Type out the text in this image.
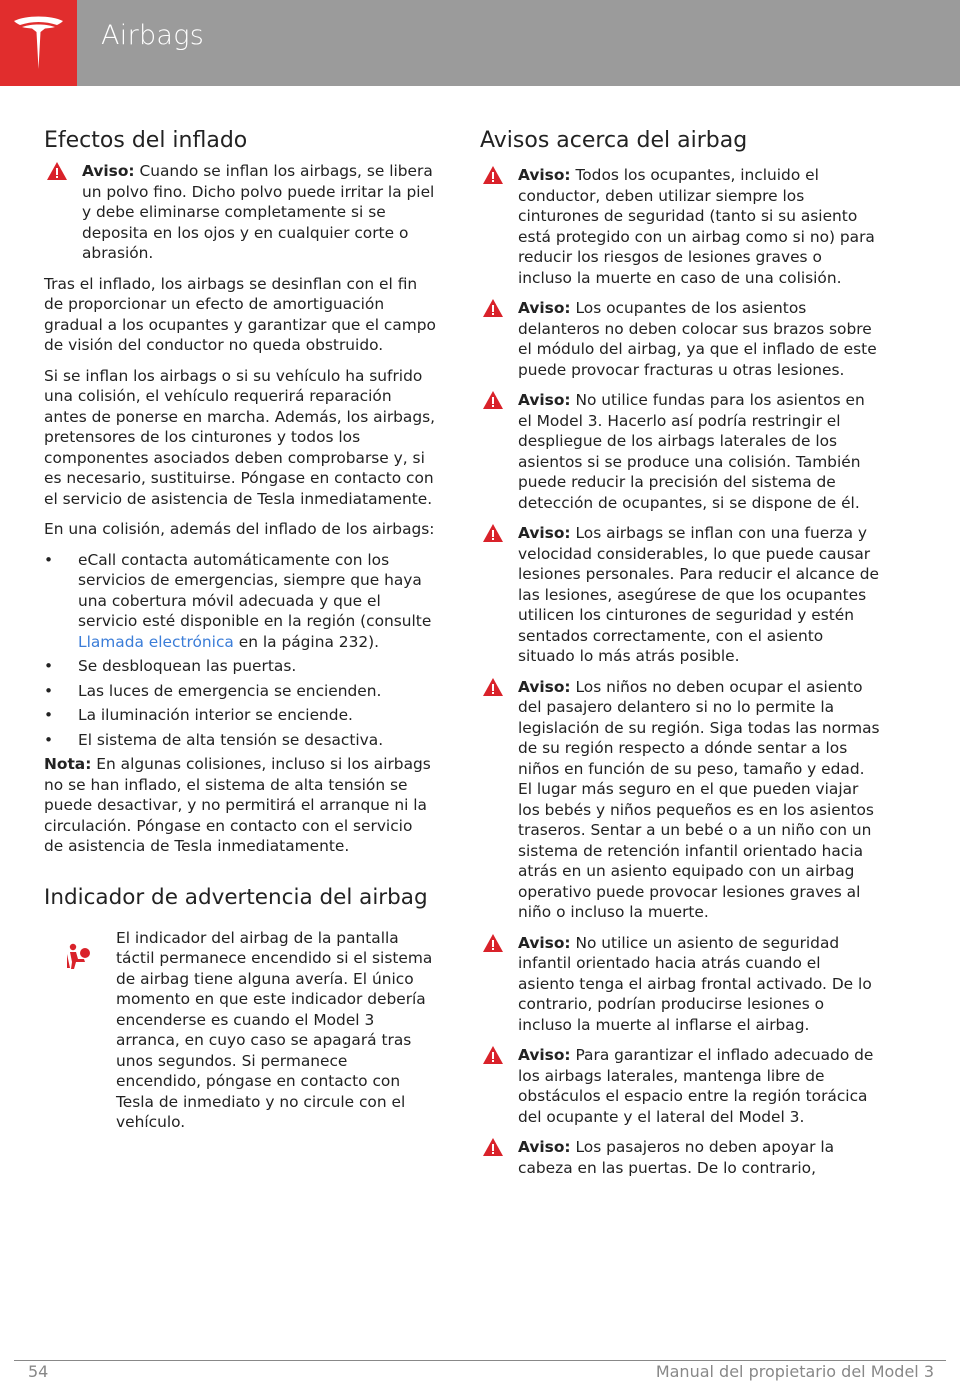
Airbags
Efectos del inflado
Aviso: Cuando se inflan los airbags, se libera un polvo fino. Dicho polvo puede irritar la piel y debe eliminarse completamente si se deposita en los ojos y en cualquier corte o abrasión.

Tras el inflado, los airbags se desinflan con el fin de proporcionar un efecto de amortiguación gradual a los ocupantes y garantizar que el campo de visión del conductor no queda obstruido.

Si se inflan los airbags o si su vehículo ha sufrido una colisión, el vehículo requerirá reparación antes de ponerse en marcha. Además, los airbags, pretensores de los cinturones y todos los componentes asociados deben comprobarse y, si es necesario, sustituirse. Póngase en contacto con el servicio de asistencia de Tesla inmediatamente.

En una colisión, además del inflado de los airbags:

• eCall contacta automáticamente con los servicios de emergencias, siempre que haya una cobertura móvil adecuada y que el servicio esté disponible en la región (consulte Llamada electrónica en la página 232).
• Se desbloquean las puertas.
• Las luces de emergencia se encienden.
• La iluminación interior se enciende.
• El sistema de alta tensión se desactiva.

Nota: En algunas colisiones, incluso si los airbags no se han inflado, el sistema de alta tensión se puede desactivar, y no permitirá el arranque ni la circulación. Póngase en contacto con el servicio de asistencia de Tesla inmediatamente.

Indicador de advertencia del airbag
El indicador del airbag de la pantalla táctil permanece encendido si el sistema de airbag tiene alguna avería. El único momento en que este indicador debería encenderse es cuando el Model 3 arranca, en cuyo caso se apagará tras unos segundos. Si permanece encendido, póngase en contacto con Tesla de inmediato y no circule con el vehículo.
Avisos acerca del airbag
Aviso: Todos los ocupantes, incluido el conductor, deben utilizar siempre los cinturones de seguridad (tanto si su asiento está protegido con un airbag como si no) para reducir los riesgos de lesiones graves o incluso la muerte en caso de una colisión.
Aviso: Los ocupantes de los asientos delanteros no deben colocar sus brazos sobre el módulo del airbag, ya que el inflado de este puede provocar fracturas u otras lesiones.
Aviso: No utilice fundas para los asientos en el Model 3. Hacerlo así podría restringir el despliegue de los airbags laterales de los asientos si se produce una colisión. También puede reducir la precisión del sistema de detección de ocupantes, si se dispone de él.
Aviso: Los airbags se inflan con una fuerza y velocidad considerables, lo que puede causar lesiones personales. Para reducir el alcance de las lesiones, asegúrese de que los ocupantes utilicen los cinturones de seguridad y estén sentados correctamente, con el asiento situado lo más atrás posible.
Aviso: Los niños no deben ocupar el asiento del pasajero delantero si no lo permite la legislación de su región. Siga todas las normas de su región respecto a dónde sentar a los niños en función de su peso, tamaño y edad. El lugar más seguro en el que pueden viajar los bebés y niños pequeños es en los asientos traseros. Sentar a un bebé o a un niño con un sistema de retención infantil orientado hacia atrás en un asiento equipado con un airbag operativo puede provocar lesiones graves al niño o incluso la muerte.
Aviso: No utilice un asiento de seguridad infantil orientado hacia atrás cuando el asiento tenga el airbag frontal activado. De lo contrario, podrían producirse lesiones o incluso la muerte al inflarse el airbag.
Aviso: Para garantizar el inflado adecuado de los airbags laterales, mantenga libre de obstáculos el espacio entre la región torácica del ocupante y el lateral del Model 3.
Aviso: Los pasajeros no deben apoyar la cabeza en las puertas. De lo contrario,
54	Manual del propietario del Model 3
